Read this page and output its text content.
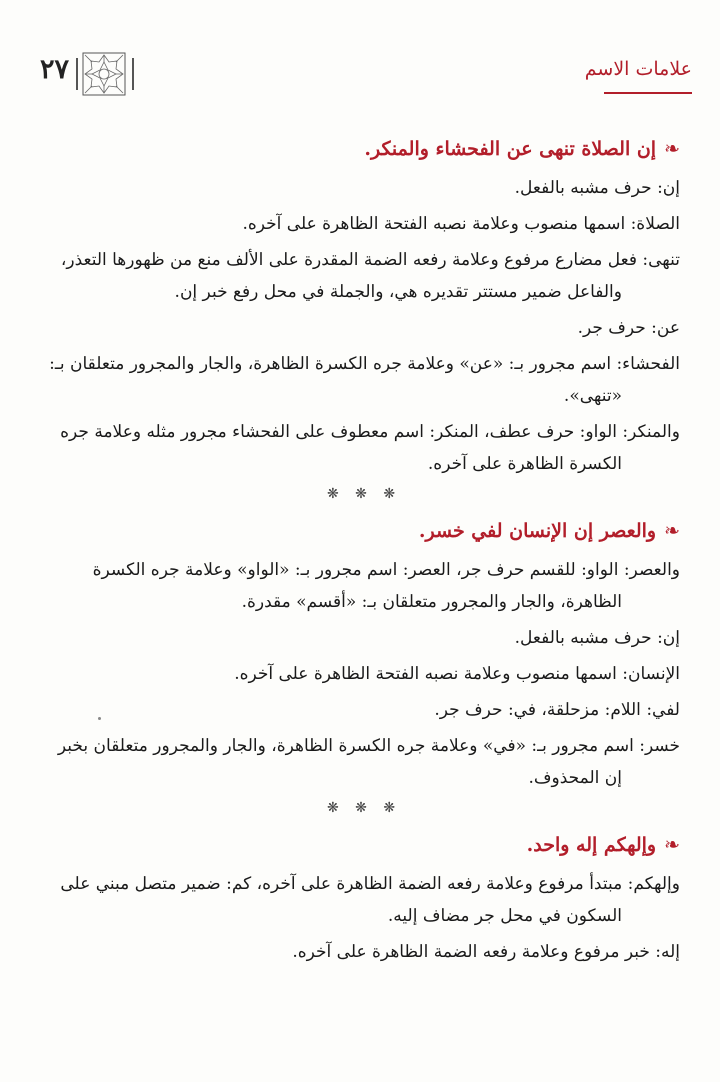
٢٧	علامات الاسم
❧إن الصلاة تنهى عن الفحشاء والمنكر.

إن: حرف مشبه بالفعل.

الصلاة: اسمها منصوب وعلامة نصبه الفتحة الظاهرة على آخره.

تنهى: فعل مضارع مرفوع وعلامة رفعه الضمة المقدرة على الألف منع من ظهورها التعذر، والفاعل ضمير مستتر تقديره هي، والجملة في محل رفع خبر إن.

عن: حرف جر.

الفحشاء: اسم مجرور بـ: «عن» وعلامة جره الكسرة الظاهرة، والجار والمجرور متعلقان بـ: «تنهى».

والمنكر: الواو: حرف عطف، المنكر: اسم معطوف على الفحشاء مجرور مثله وعلامة جره الكسرة الظاهرة على آخره.

❋ ❋ ❋
❧والعصر إن الإنسان لفي خسر.

والعصر: الواو: للقسم حرف جر، العصر: اسم مجرور بـ: «الواو» وعلامة جره الكسرة الظاهرة، والجار والمجرور متعلقان بـ: «أقسم» مقدرة.

إن: حرف مشبه بالفعل.

الإنسان: اسمها منصوب وعلامة نصبه الفتحة الظاهرة على آخره.

لفي: اللام: مزحلقة، في: حرف جر.

خسر: اسم مجرور بـ: «في» وعلامة جره الكسرة الظاهرة، والجار والمجرور متعلقان بخبر إن المحذوف.

❋ ❋ ❋
❧وإلهكم إله واحد.

وإلهكم: مبتدأ مرفوع وعلامة رفعه الضمة الظاهرة على آخره، كم: ضمير متصل مبني على السكون في محل جر مضاف إليه.

إله: خبر مرفوع وعلامة رفعه الضمة الظاهرة على آخره.
